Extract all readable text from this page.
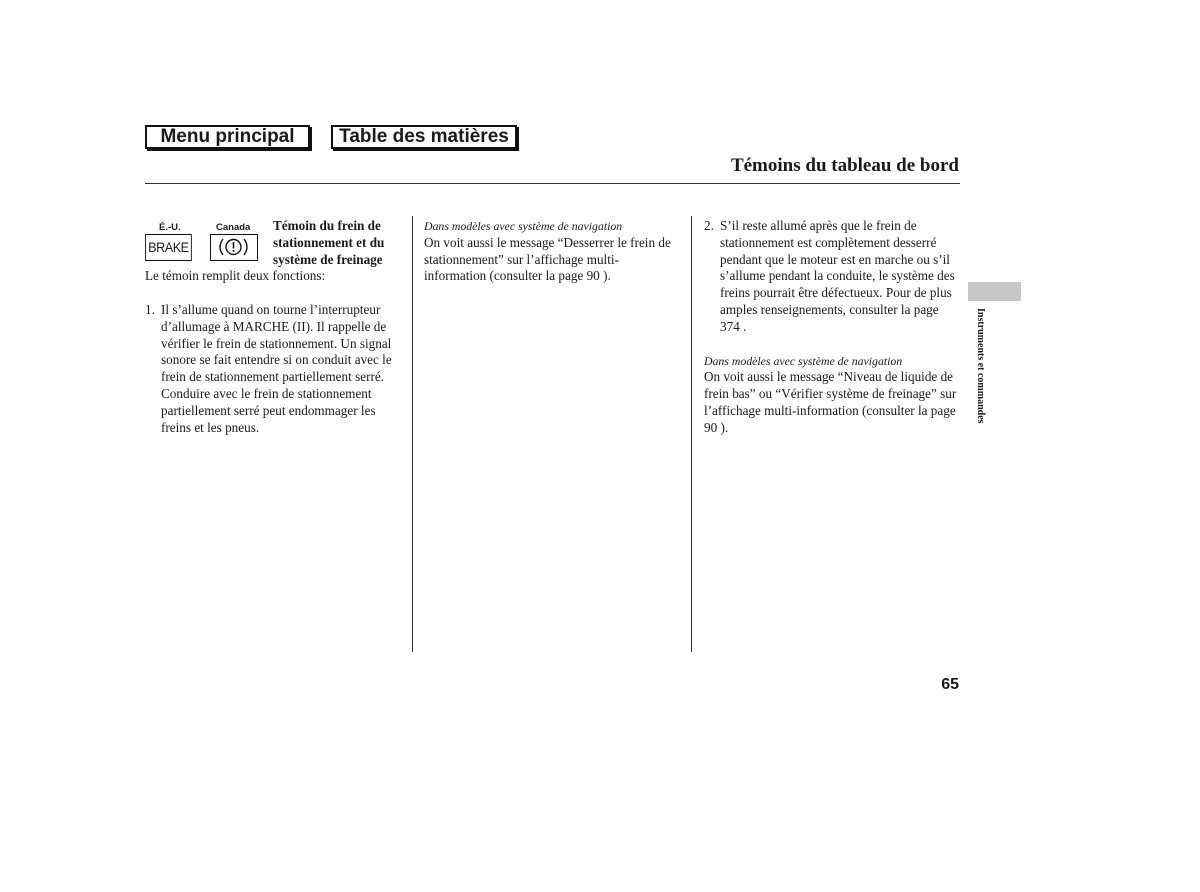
Menu principal	Table des matières
Témoins du tableau de bord
É.-U.	Canada
BRAKE
Témoin du frein de stationnement et du système de freinage
Le témoin remplit deux fonctions:
1. Il s’allume quand on tourne l’interrupteur d’allumage à MARCHE (II). Il rappelle de vérifier le frein de stationnement. Un signal sonore se fait entendre si on conduit avec le frein de stationnement partiellement serré. Conduire avec le frein de stationnement partiellement serré peut endommager les freins et les pneus.

Dans modèles avec système de navigation

On voit aussi le message “Desserrer le frein de stationnement” sur l’affichage multi-information (consulter la page 90 ).

2. S’il reste allumé après que le frein de stationnement est complètement desserré pendant que le moteur est en marche ou s’il s’allume pendant la conduite, le système des freins pourrait être défectueux. Pour de plus amples renseignements, consulter la page 374 .

Dans modèles avec système de navigation

On voit aussi le message “Niveau de liquide de frein bas” ou “Vérifier système de freinage” sur l’affichage multi-information (consulter la page 90 ).

Instruments et commandes
65
